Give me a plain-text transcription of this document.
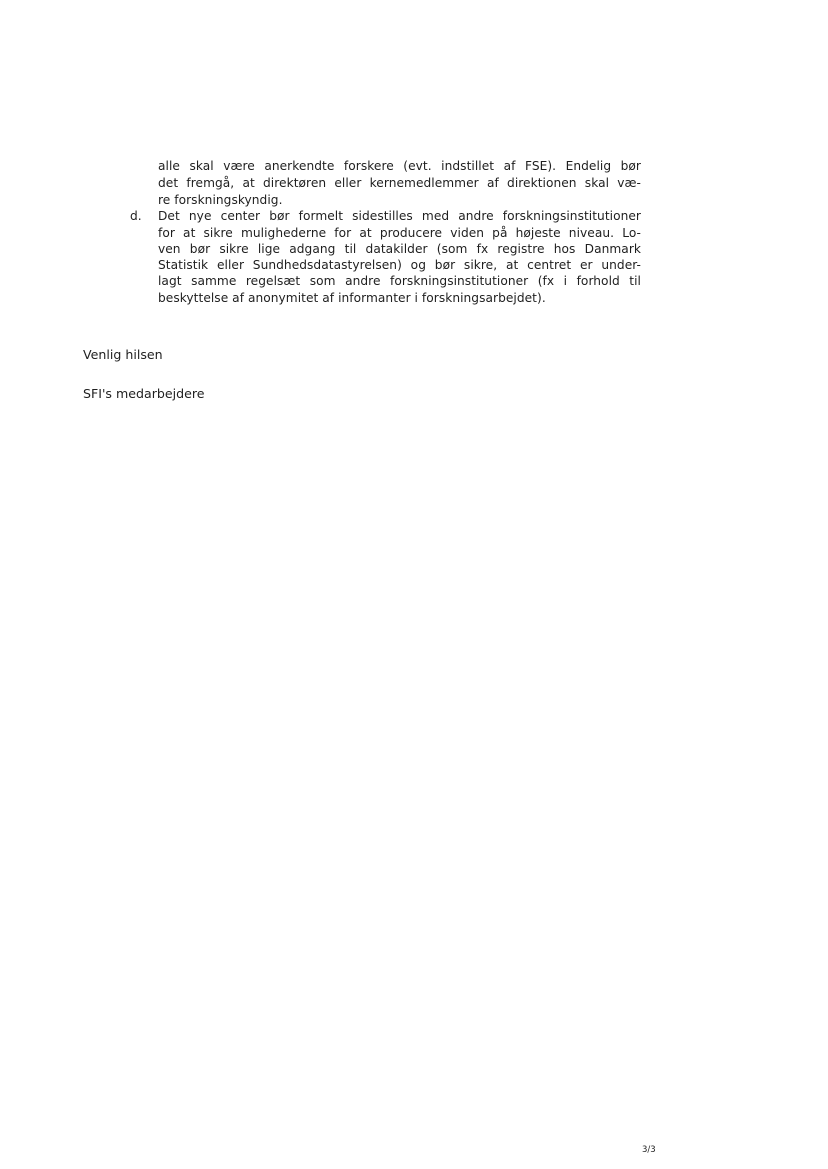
alle skal være anerkendte forskere (evt. indstillet af FSE). Endelig bør
det fremgå, at direktøren eller kernemedlemmer af direktionen skal væ-
re forskningskyndig.
d. Det nye center bør formelt sidestilles med andre forskningsinstitutioner
for at sikre mulighederne for at producere viden på højeste niveau. Lo-
ven bør sikre lige adgang til datakilder (som fx registre hos Danmark
Statistik eller Sundhedsdatastyrelsen) og bør sikre, at centret er under-
lagt samme regelsæt som andre forskningsinstitutioner (fx i forhold til
beskyttelse af anonymitet af informanter i forskningsarbejdet).
Venlig hilsen
SFI's medarbejdere
3/3
